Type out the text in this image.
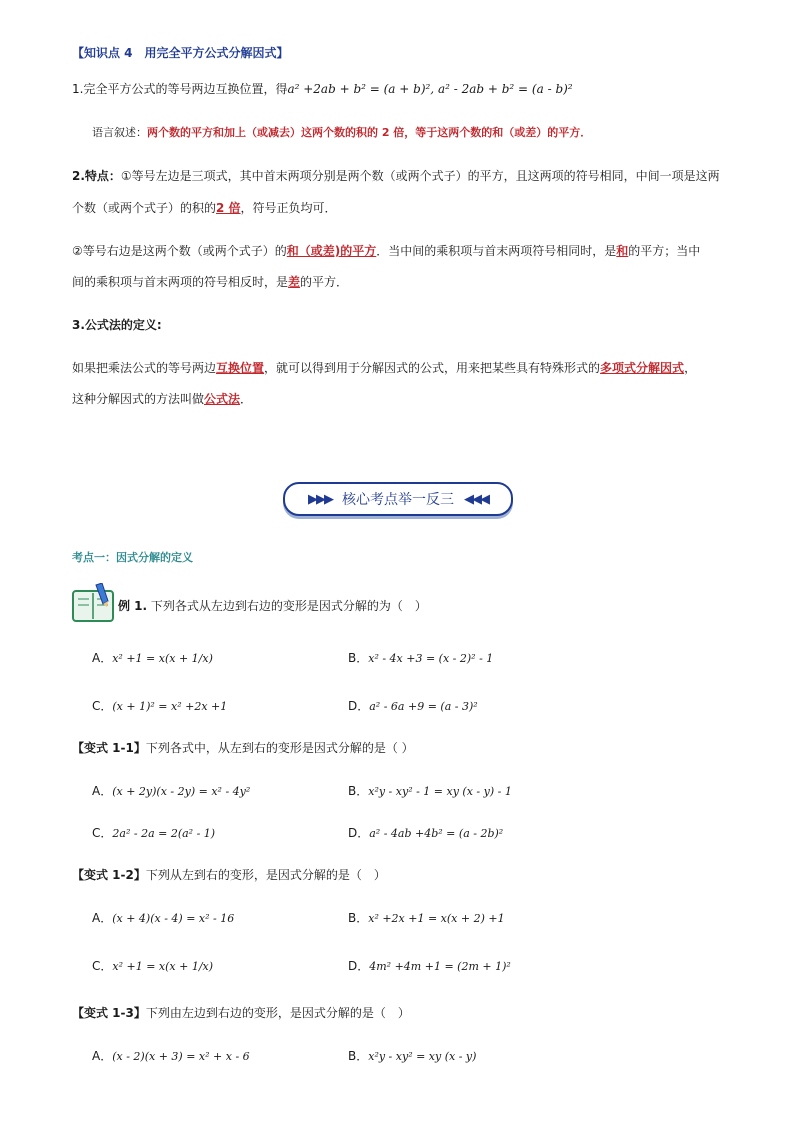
【知识点 4　用完全平方公式分解因式】
1.完全平方公式的等号两边互换位置，得a² +2ab + b² = (a + b)², a² - 2ab + b² = (a - b)²
语言叙述：两个数的平方和加上（或减去）这两个数的积的 2 倍，等于这两个数的和（或差）的平方．
2.特点：①等号左边是三项式，其中首末两项分别是两个数（或两个式子）的平方，且这两项的符号相同，中间一项是这两
个数（或两个式子）的积的2 倍，符号正负均可．
②等号右边是这两个数（或两个式子）的和（或差)的平方．当中间的乘积项与首末两项符号相同时，是和的平方；当中
间的乘积项与首末两项的符号相反时，是差的平方．
3.公式法的定义:
如果把乘法公式的等号两边互换位置，就可以得到用于分解因式的公式，用来把某些具有特殊形式的多项式分解因式，
这种分解因式的方法叫做公式法．
▶▶▶ 核心考点举一反三 ◀◀◀
考点一：因式分解的定义
例 1. 下列各式从左边到右边的变形是因式分解的为（　）
A．x² +1 = x(x + 1/x)	B．x² - 4x +3 = (x - 2)² - 1
C．(x + 1)² = x² +2x +1	D．a² - 6a +9 = (a - 3)²
【变式 1-1】下列各式中，从左到右的变形是因式分解的是（ ）
A．(x + 2y)(x - 2y) = x² - 4y²	B．x²y - xy² - 1 = xy (x - y) - 1
C．2a² - 2a = 2(a² - 1)	D．a² - 4ab +4b² = (a - 2b)²
【变式 1-2】下列从左到右的变形，是因式分解的是（　）
A．(x + 4)(x - 4) = x² - 16	B．x² +2x +1 = x(x + 2) +1
C．x² +1 = x(x + 1/x)	D．4m² +4m +1 = (2m + 1)²
【变式 1-3】下列由左边到右边的变形，是因式分解的是（　）
A．(x - 2)(x + 3) = x² + x - 6	B．x²y - xy² = xy (x - y)
